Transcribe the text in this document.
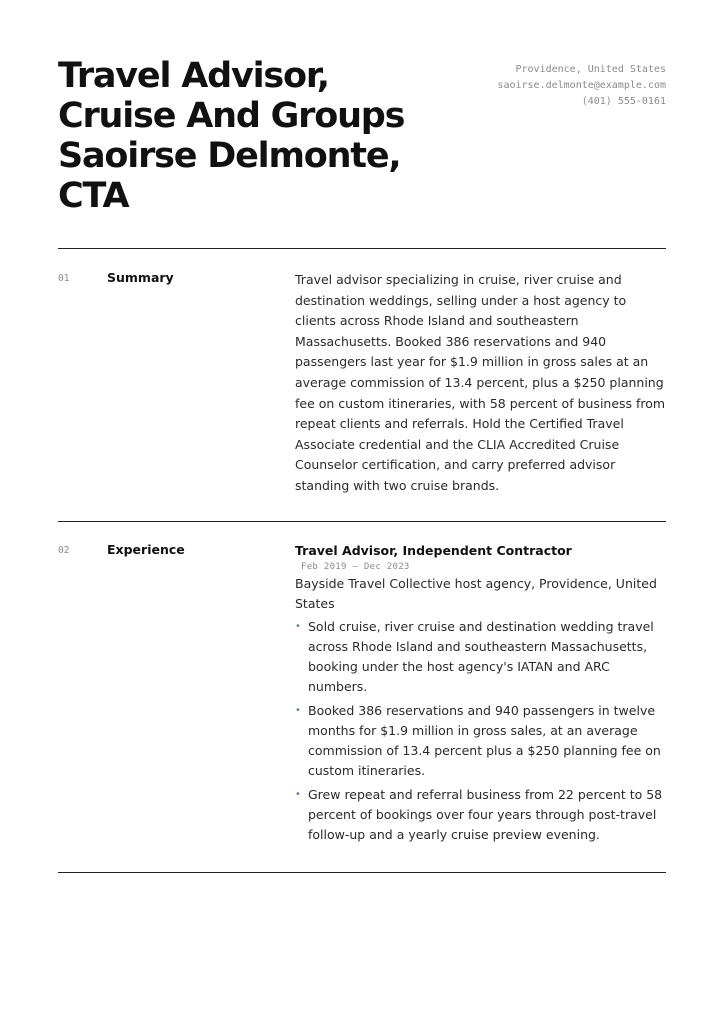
Travel Advisor,
Cruise And Groups
Saoirse Delmonte,
CTA
Providence, United States
saoirse.delmonte@example.com
(401) 555-0161
01	Summary	Travel advisor specializing in cruise, river cruise and destination weddings, selling under a host agency to clients across Rhode Island and southeastern Massachusetts. Booked 386 reservations and 940 passengers last year for $1.9 million in gross sales at an average commission of 13.4 percent, plus a $250 planning fee on custom itineraries, with 58 percent of business from repeat clients and referrals. Hold the Certified Travel Associate credential and the CLIA Accredited Cruise Counselor certification, and carry preferred advisor standing with two cruise brands.

02	Experience	Travel Advisor, Independent Contractor
Feb 2019 – Dec 2023
Bayside Travel Collective host agency, Providence, United States
• Sold cruise, river cruise and destination wedding travel across Rhode Island and southeastern Massachusetts, booking under the host agency's IATAN and ARC numbers.
• Booked 386 reservations and 940 passengers in twelve months for $1.9 million in gross sales, at an average commission of 13.4 percent plus a $250 planning fee on custom itineraries.
• Grew repeat and referral business from 22 percent to 58 percent of bookings over four years through post-travel follow-up and a yearly cruise preview evening.
